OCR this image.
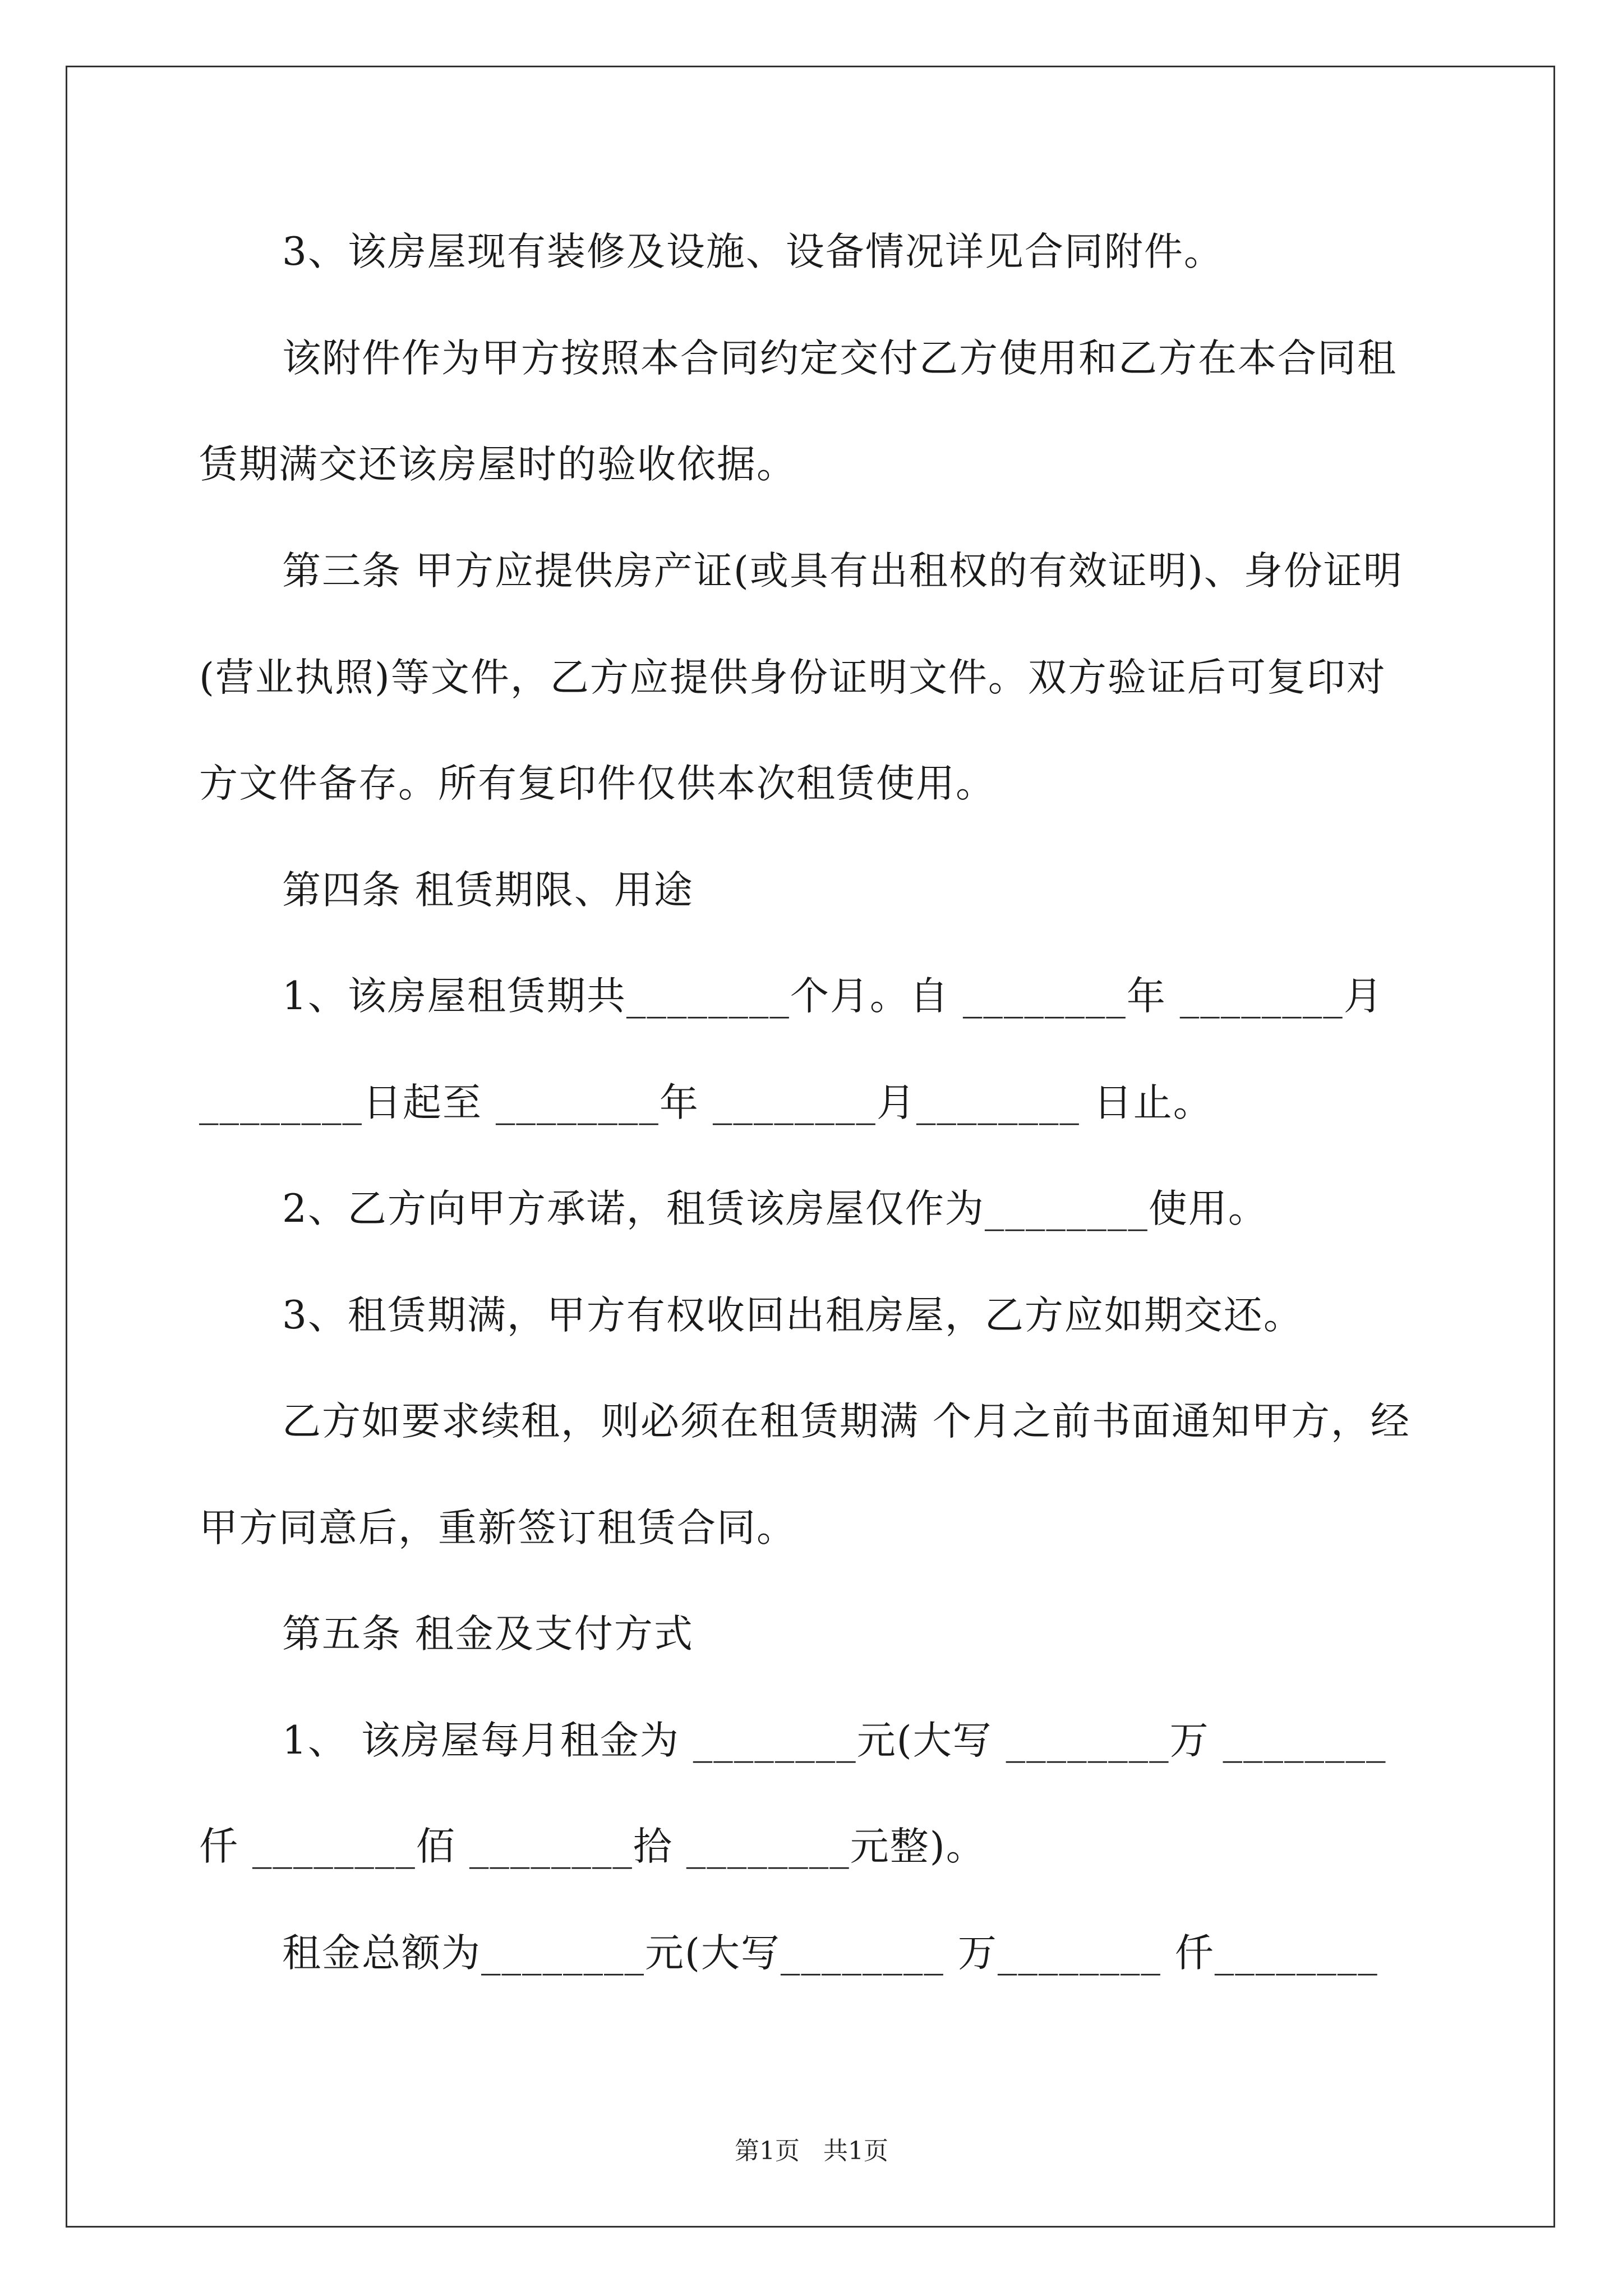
3、该房屋现有装修及设施、设备情况详见合同附件。
该附件作为甲方按照本合同约定交付乙方使用和乙方在本合同租
赁期满交还该房屋时的验收依据。
第三条 甲方应提供房产证(或具有出租权的有效证明)、身份证明
(营业执照)等文件，乙方应提供身份证明文件。双方验证后可复印对
方文件备存。所有复印件仅供本次租赁使用。
第四条 租赁期限、用途
1、该房屋租赁期共________个月。自 ________年 ________月
________日起至 ________年 ________月________ 日止。
2、乙方向甲方承诺，租赁该房屋仅作为________使用。
3、租赁期满，甲方有权收回出租房屋，乙方应如期交还。
乙方如要求续租，则必须在租赁期满 个月之前书面通知甲方，经
甲方同意后，重新签订租赁合同。
第五条 租金及支付方式
1、 该房屋每月租金为 ________元(大写 ________万 ________
仟 ________佰 ________拾 ________元整)。
租金总额为________元(大写________ 万________ 仟________
第1页   共1页
